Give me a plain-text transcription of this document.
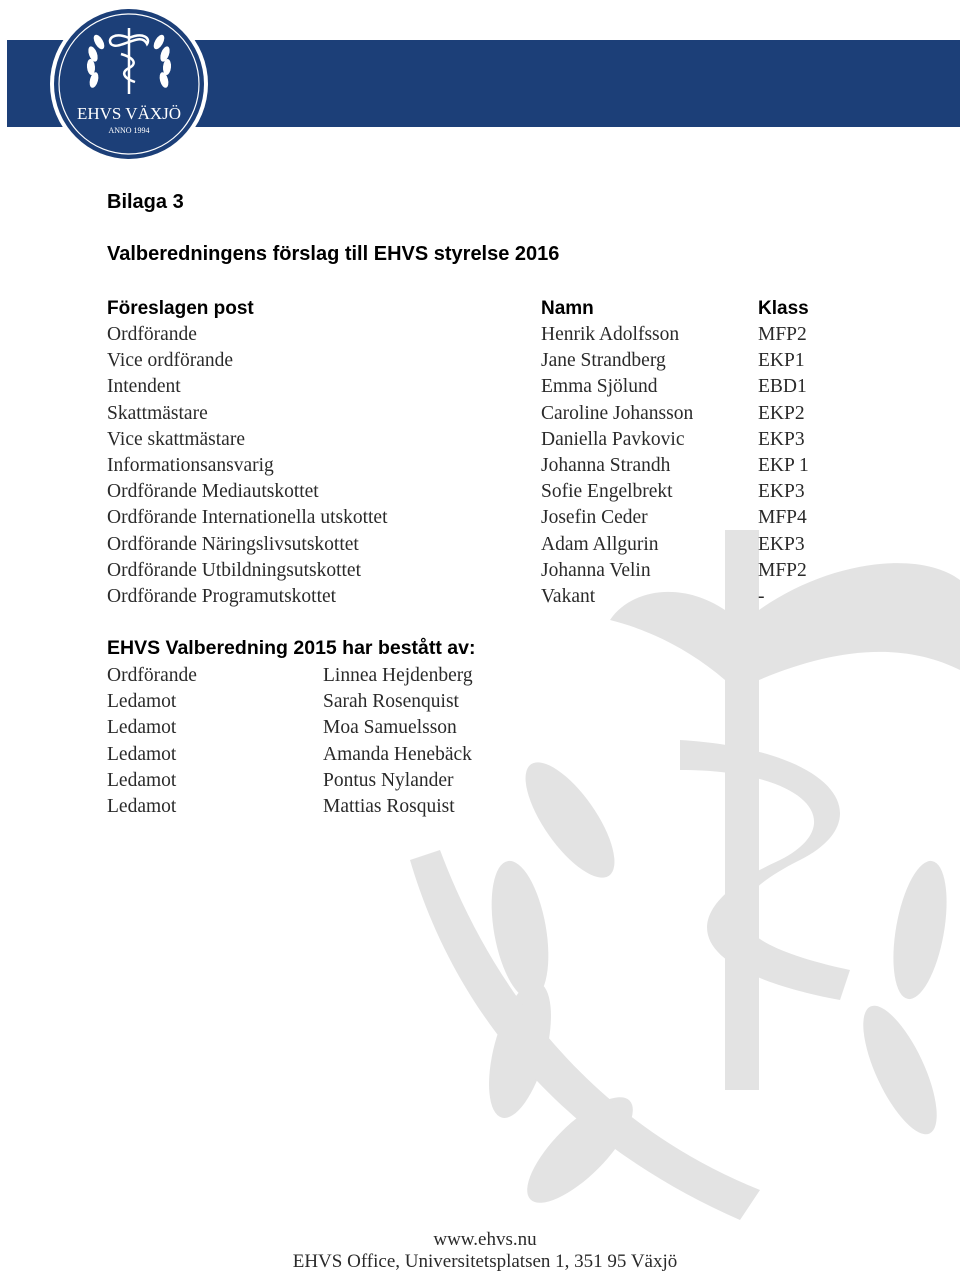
EHVS VÄXJÖ
ANNO 1994
Bilaga 3
Valberedningens förslag till EHVS styrelse 2016
Föreslagen post	Namn	Klass
Ordförande	Henrik Adolfsson	MFP2
Vice ordförande	Jane Strandberg	EKP1
Intendent	Emma Sjölund	EBD1
Skattmästare	Caroline Johansson	EKP2
Vice skattmästare	Daniella Pavkovic	EKP3
Informationsansvarig	Johanna Strandh	EKP 1
Ordförande Mediautskottet	Sofie Engelbrekt	EKP3
Ordförande Internationella utskottet	Josefin Ceder	MFP4
Ordförande Näringslivsutskottet	Adam Allgurin	EKP3
Ordförande Utbildningsutskottet	Johanna Velin	MFP2
Ordförande Programutskottet	Vakant	-
EHVS Valberedning 2015 har bestått av:
Ordförande	Linnea Hejdenberg
Ledamot	Sarah Rosenquist
Ledamot	Moa Samuelsson
Ledamot	Amanda Henebäck
Ledamot	Pontus Nylander
Ledamot	Mattias Rosquist
www.ehvs.nu
EHVS Office, Universitetsplatsen 1, 351 95 Växjö
